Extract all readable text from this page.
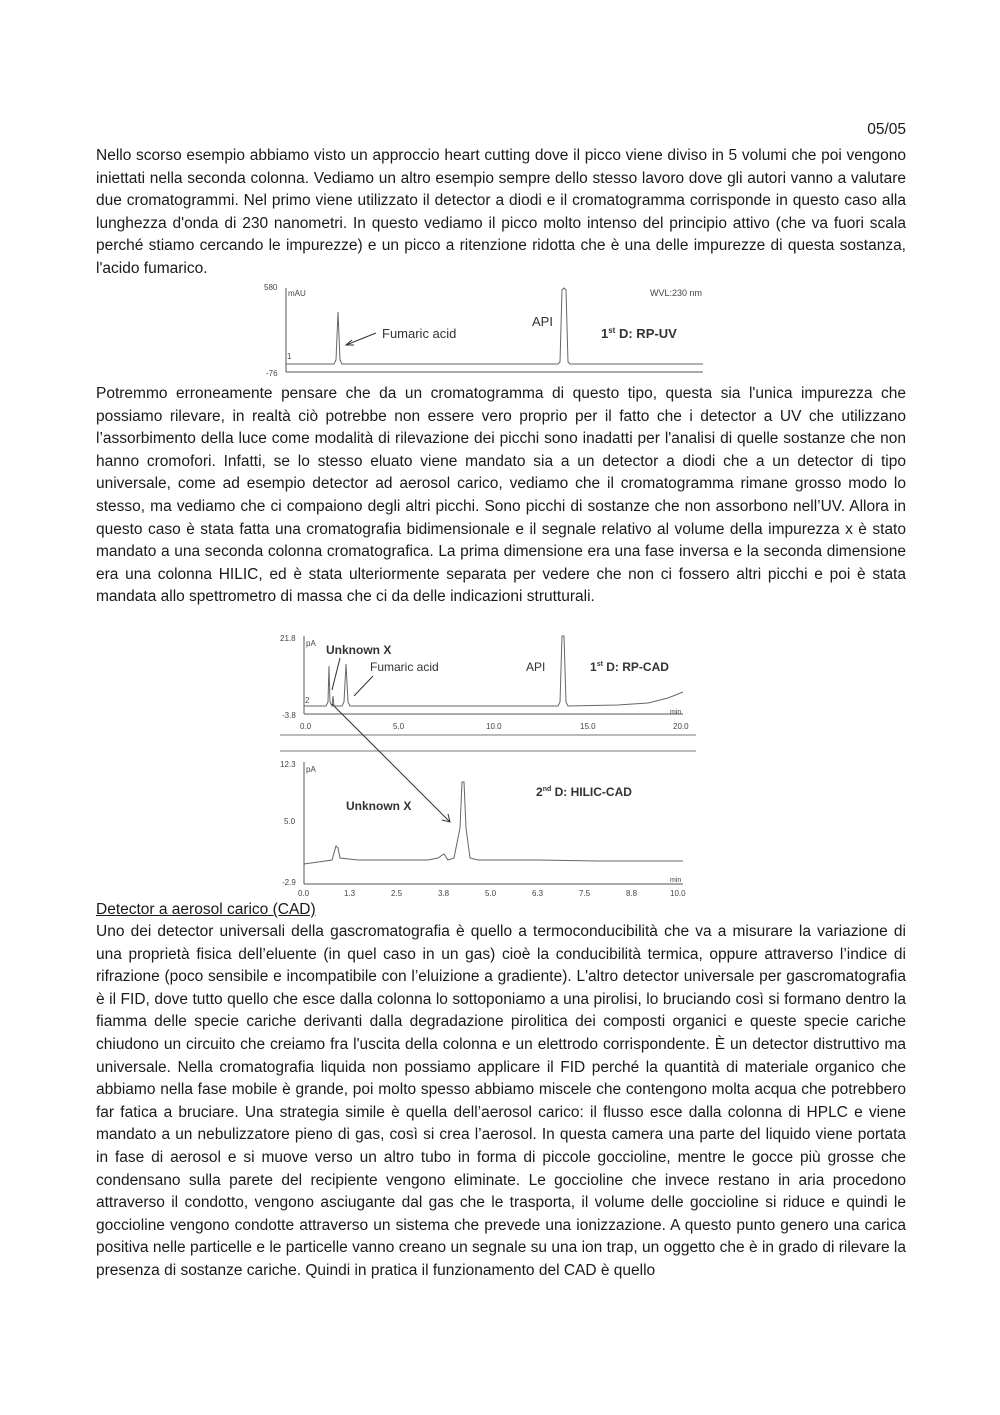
05/05

Nello scorso esempio abbiamo visto un approccio heart cutting dove il picco viene diviso in 5 volumi che poi vengono iniettati nella seconda colonna. Vediamo un altro esempio sempre dello stesso lavoro dove gli autori vanno a valutare due cromatogrammi. Nel primo viene utilizzato il detector a diodi e il cromatogramma corrisponde in questo caso alla lunghezza d'onda di 230 nanometri. In questo vediamo il picco molto intenso del principio attivo (che va fuori scala perché stiamo cercando le impurezze) e un picco a ritenzione ridotta che è una delle impurezze di questa sostanza, l'acido fumarico.

580
mAU
-76
1
WVL:230 nm
Fumaric acid
API
1st D: RP-UV

Potremmo erroneamente pensare che da un cromatogramma di questo tipo, questa sia l'unica impurezza che possiamo rilevare, in realtà ciò potrebbe non essere vero proprio per il fatto che i detector a UV che utilizzano l’assorbimento della luce come modalità di rilevazione dei picchi sono inadatti per l'analisi di quelle sostanze che non hanno cromofori. Infatti, se lo stesso eluato viene mandato sia a un detector a diodi che a un detector di tipo universale, come ad esempio detector ad aerosol carico, vediamo che il cromatogramma rimane grosso modo lo stesso, ma vediamo che ci compaiono degli altri picchi. Sono picchi di sostanze che non assorbono nell’UV. Allora in questo caso è stata fatta una cromatografia bidimensionale e il segnale relativo al volume della impurezza x è stato mandato a una seconda colonna cromatografica. La prima dimensione era una fase inversa e la seconda dimensione era una colonna HILIC, ed è stata ulteriormente separata per vedere che non ci fossero altri picchi e poi è stata mandata allo spettrometro di massa che ci da delle indicazioni strutturali.

21.8
pA
-3.8
2
Unknown X
Fumaric acid	API	1st D: RP-CAD
0.0	5.0	10.0	15.0	20.0
min
12.3
pA
5.0
-2.9
Unknown X
2nd D: HILIC-CAD
0.0	1.3	2.5	3.8	5.0	6.3	7.5	8.8	10.0
min

Detector a aerosol carico (CAD)

Uno dei detector universali della gascromatografia è quello a termoconducibilità che va a misurare la variazione di una proprietà fisica dell’eluente (in quel caso in un gas) cioè la conducibilità termica, oppure attraverso l’indice di rifrazione (poco sensibile e incompatibile con l’eluizione a gradiente). L'altro detector universale per gascromatografia è il FID, dove tutto quello che esce dalla colonna lo sottoponiamo a una pirolisi, lo bruciando così si formano dentro la fiamma delle specie cariche derivanti dalla degradazione pirolitica dei composti organici e queste specie cariche chiudono un circuito che creiamo fra l'uscita della colonna e un elettrodo corrispondente. È un detector distruttivo ma universale. Nella cromatografia liquida non possiamo applicare il FID perché la quantità di materiale organico che abbiamo nella fase mobile è grande, poi molto spesso abbiamo miscele che contengono molta acqua che potrebbero far fatica a bruciare. Una strategia simile è quella dell’aerosol carico: il flusso esce dalla colonna di HPLC e viene mandato a un nebulizzatore pieno di gas, così si crea l’aerosol. In questa camera una parte del liquido viene portata in fase di aerosol e si muove verso un altro tubo in forma di piccole goccioline, mentre le gocce più grosse che condensano sulla parete del recipiente vengono eliminate. Le goccioline che invece restano in aria procedono attraverso il condotto, vengono asciugante dal gas che le trasporta, il volume delle goccioline si riduce e quindi le goccioline vengono condotte attraverso un sistema che prevede una ionizzazione. A questo punto genero una carica positiva nelle particelle e le particelle vanno creano un segnale su una ion trap, un oggetto che è in grado di rilevare la presenza di sostanze cariche. Quindi in pratica il funzionamento del CAD è quello
